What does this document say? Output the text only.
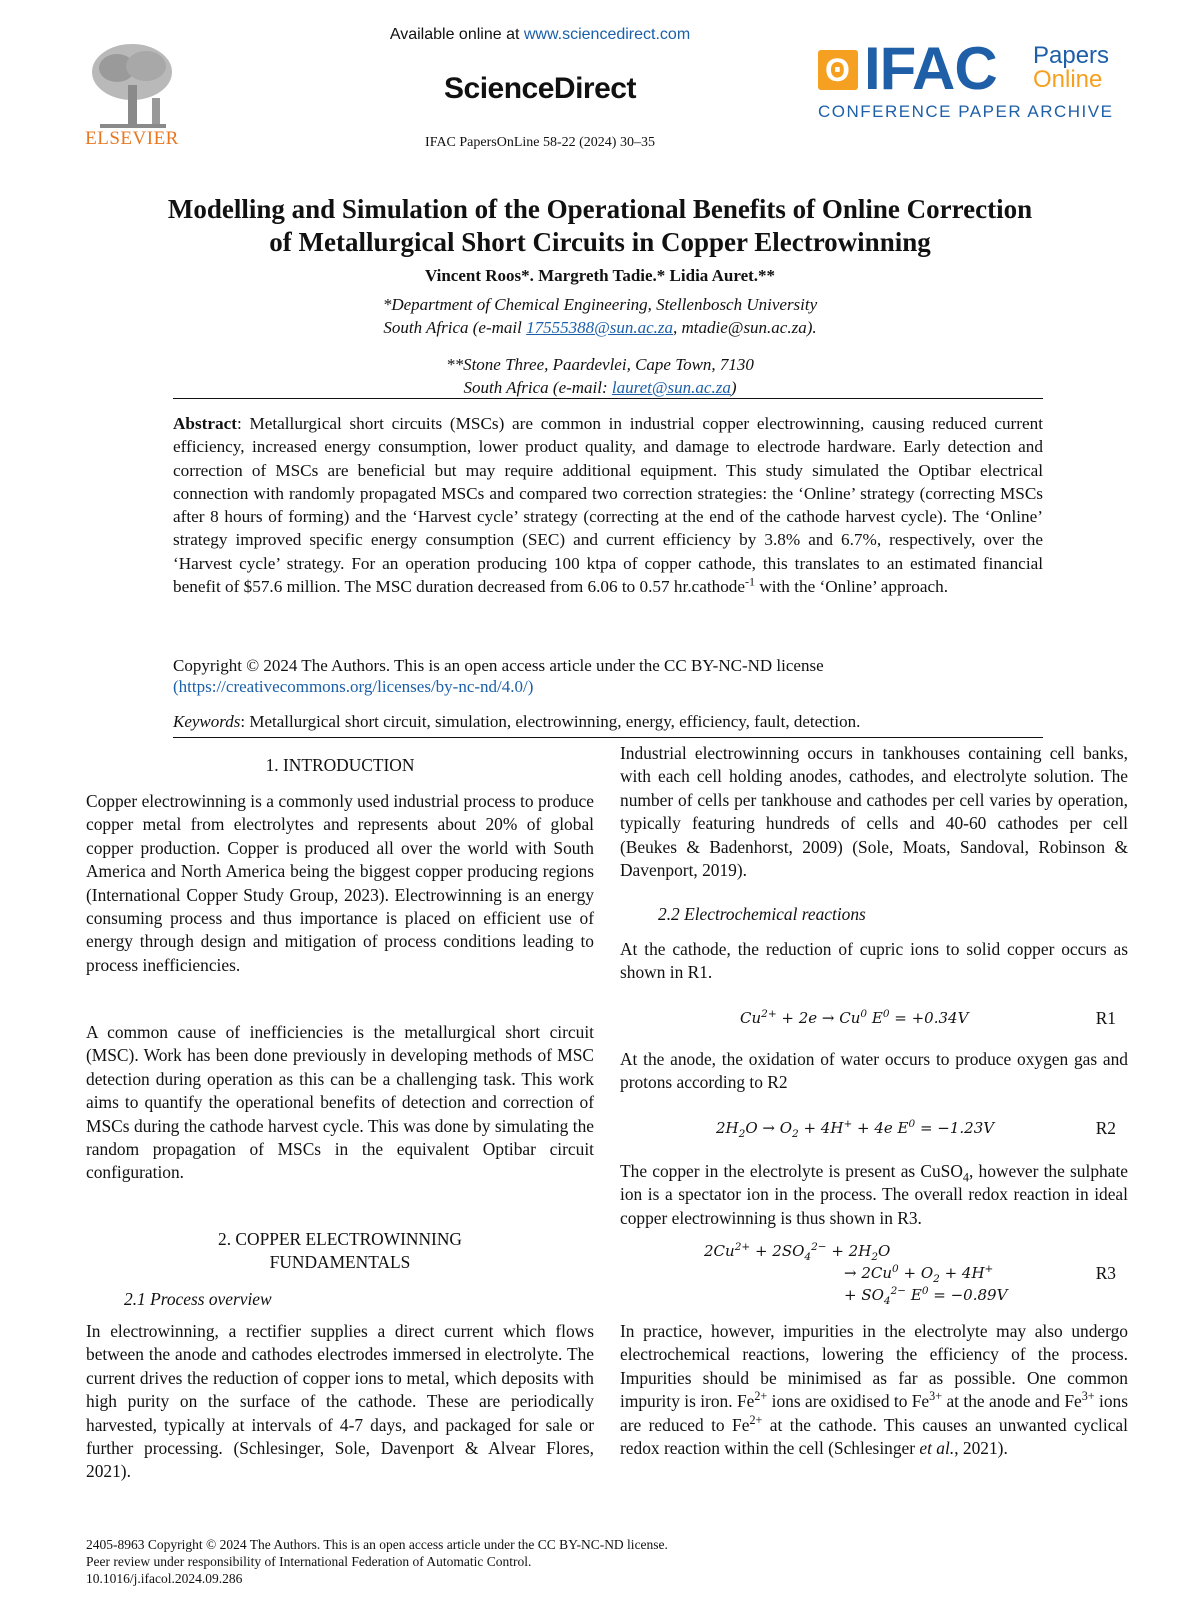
ELSEVIER
Available online at www.sciencedirect.com
ScienceDirect
IFAC PapersOnLine 58-22 (2024) 30–35
ʘ IFAC Papers
Online
CONFERENCE PAPER ARCHIVE
Modelling and Simulation of the Operational Benefits of Online Correction
of Metallurgical Short Circuits in Copper Electrowinning
Vincent Roos*. Margreth Tadie.* Lidia Auret.**
*Department of Chemical Engineering, Stellenbosch University
South Africa (e-mail 17555388@sun.ac.za, mtadie@sun.ac.za).
**Stone Three, Paardevlei, Cape Town, 7130
South Africa (e-mail: lauret@sun.ac.za)
Abstract: Metallurgical short circuits (MSCs) are common in industrial copper electrowinning, causing reduced current efficiency, increased energy consumption, lower product quality, and damage to electrode hardware. Early detection and correction of MSCs are beneficial but may require additional equipment. This study simulated the Optibar electrical connection with randomly propagated MSCs and compared two correction strategies: the ‘Online’ strategy (correcting MSCs after 8 hours of forming) and the ‘Harvest cycle’ strategy (correcting at the end of the cathode harvest cycle). The ‘Online’ strategy improved specific energy consumption (SEC) and current efficiency by 3.8% and 6.7%, respectively, over the ‘Harvest cycle’ strategy. For an operation producing 100 ktpa of copper cathode, this translates to an estimated financial benefit of $57.6 million. The MSC duration decreased from 6.06 to 0.57 hr.cathode$^{-1}$ with the ‘Online’ approach.
Copyright © 2024 The Authors. This is an open access article under the CC BY-NC-ND license
(https://creativecommons.org/licenses/by-nc-nd/4.0/)
Keywords: Metallurgical short circuit, simulation, electrowinning, energy, efficiency, fault, detection.
1. INTRODUCTION

Copper electrowinning is a commonly used industrial process to produce copper metal from electrolytes and represents about 20% of global copper production. Copper is produced all over the world with South America and North America being the biggest copper producing regions (International Copper Study Group, 2023). Electrowinning is an energy consuming process and thus importance is placed on efficient use of energy through design and mitigation of process conditions leading to process inefficiencies.

A common cause of inefficiencies is the metallurgical short circuit (MSC). Work has been done previously in developing methods of MSC detection during operation as this can be a challenging task. This work aims to quantify the operational benefits of detection and correction of MSCs during the cathode harvest cycle. This was done by simulating the random propagation of MSCs in the equivalent Optibar circuit configuration.

2. COPPER ELECTROWINNING
FUNDAMENTALS
2.1 Process overview

In electrowinning, a rectifier supplies a direct current which flows between the anode and cathodes electrodes immersed in electrolyte. The current drives the reduction of copper ions to metal, which deposits with high purity on the surface of the cathode. These are periodically harvested, typically at intervals of 4-7 days, and packaged for sale or further processing. (Schlesinger, Sole, Davenport & Alvear Flores, 2021).

Industrial electrowinning occurs in tankhouses containing cell banks, with each cell holding anodes, cathodes, and electrolyte solution. The number of cells per tankhouse and cathodes per cell varies by operation, typically featuring hundreds of cells and 40-60 cathodes per cell (Beukes & Badenhorst, 2009) (Sole, Moats, Sandoval, Robinson & Davenport, 2019).

2.2 Electrochemical reactions

At the cathode, the reduction of cupric ions to solid copper occurs as shown in R1.

$Cu^{2+} + 2e \to Cu^0$ $E^0 = +0.34V$	R1

At the anode, the oxidation of water occurs to produce oxygen gas and protons according to R2

$2H_2O \to O_2 + 4H^+ + 4e$ $E^0 = -1.23V$	R2

The copper in the electrolyte is present as CuSO$_4$, however the sulphate ion is a spectator ion in the process. The overall redox reaction in ideal copper electrowinning is thus shown in R3.

$2Cu^{2+} + 2SO_4^{2-} + 2H_2O$
→ $2Cu^0 + O_2 + 4H^+$
+ $SO_4^{2-}$ $E^0 = -0.89V$
R3

In practice, however, impurities in the electrolyte may also undergo electrochemical reactions, lowering the efficiency of the process. Impurities should be minimised as far as possible. One common impurity is iron. $Fe^{2+}$ ions are oxidised to $Fe^{3+}$ at the anode and $Fe^{3+}$ ions are reduced to $Fe^{2+}$ at the cathode. This causes an unwanted cyclical redox reaction within the cell (Schlesinger et al., 2021).

2405-8963 Copyright © 2024 The Authors. This is an open access article under the CC BY-NC-ND license.
Peer review under responsibility of International Federation of Automatic Control.
10.1016/j.ifacol.2024.09.286
